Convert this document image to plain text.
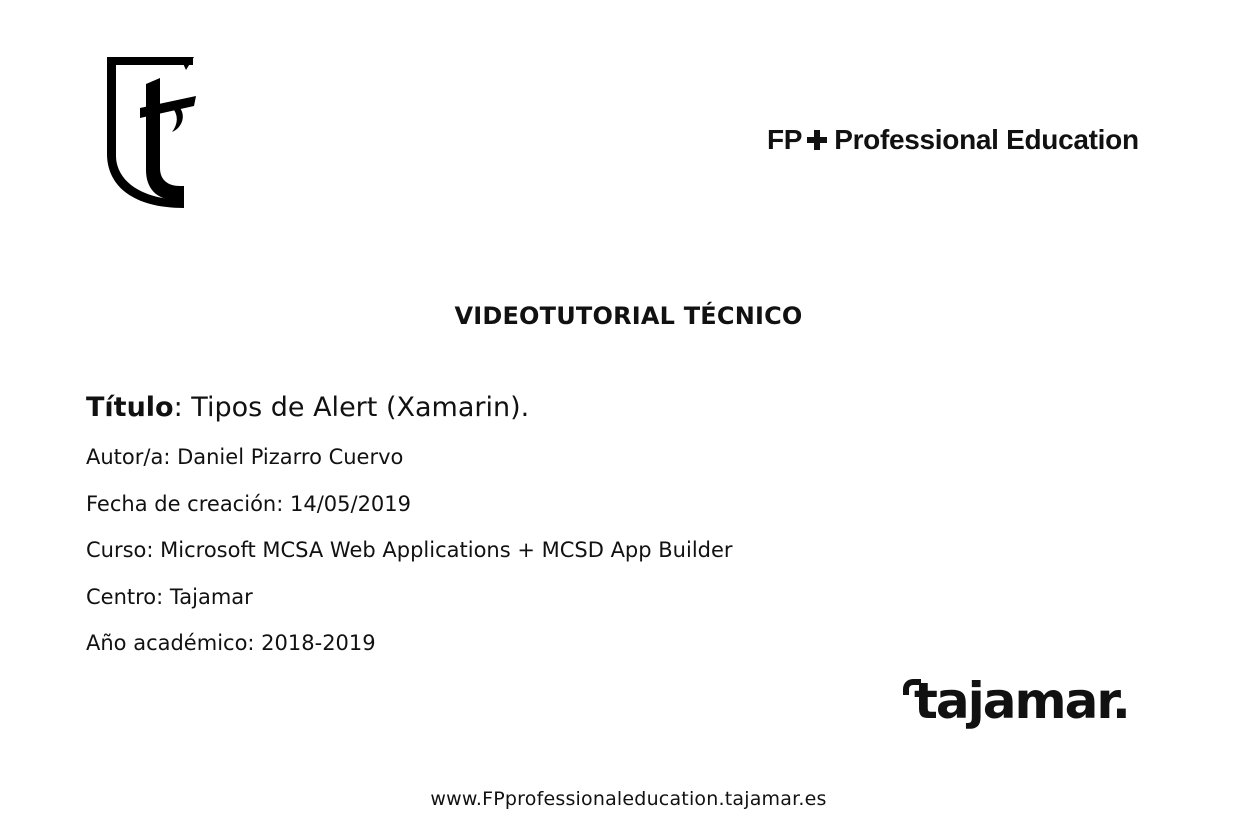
FP Professional Education
VIDEOTUTORIAL TÉCNICO
Título: Tipos de Alert (Xamarin).
Autor/a: Daniel Pizarro Cuervo
Fecha de creación: 14/05/2019
Curso: Microsoft MCSA Web Applications + MCSD App Builder
Centro: Tajamar
Año académico: 2018-2019
tajamar.
www.FPprofessionaleducation.tajamar.es
